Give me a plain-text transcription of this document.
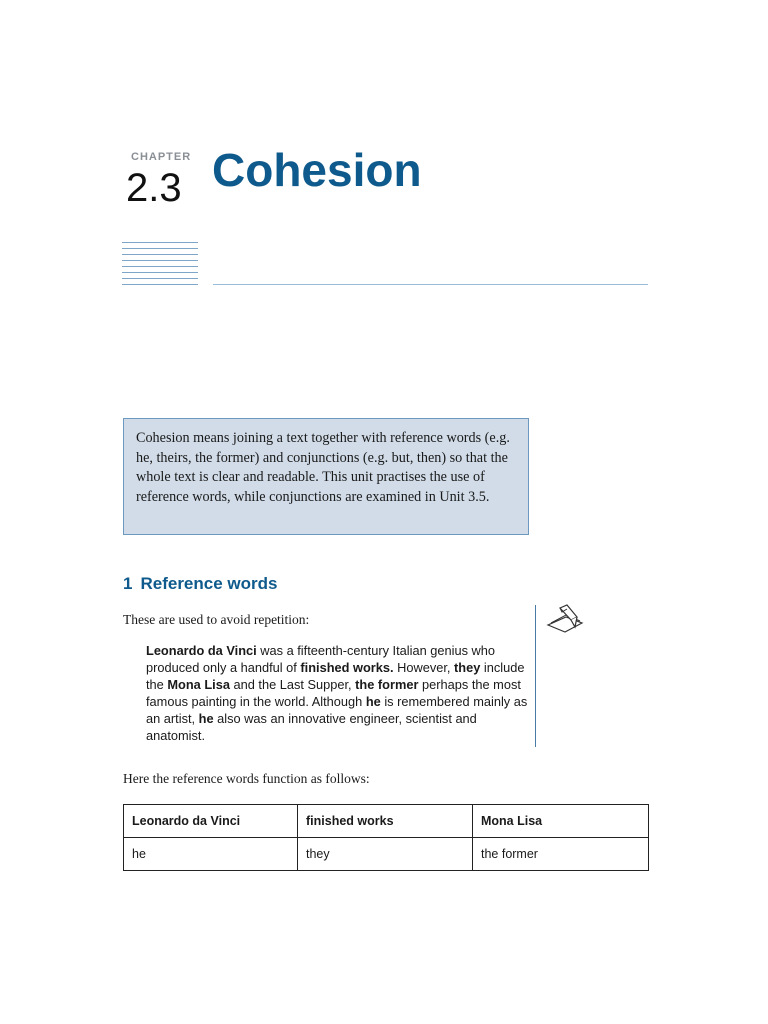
CHAPTER
2.3 Cohesion
Cohesion means joining a text together with reference words (e.g. he, theirs, the former) and conjunctions (e.g. but, then) so that the whole text is clear and readable. This unit practises the use of reference words, while conjunctions are examined in Unit 3.5.
1 Reference words
These are used to avoid repetition:
Leonardo da Vinci was a fifteenth-century Italian genius who produced only a handful of finished works. However, they include the Mona Lisa and the Last Supper, the former perhaps the most famous painting in the world. Although he is remembered mainly as an artist, he also was an innovative engineer, scientist and anatomist.
Here the reference words function as follows:
Leonardo da Vinci	finished works	Mona Lisa
he	they	the former
